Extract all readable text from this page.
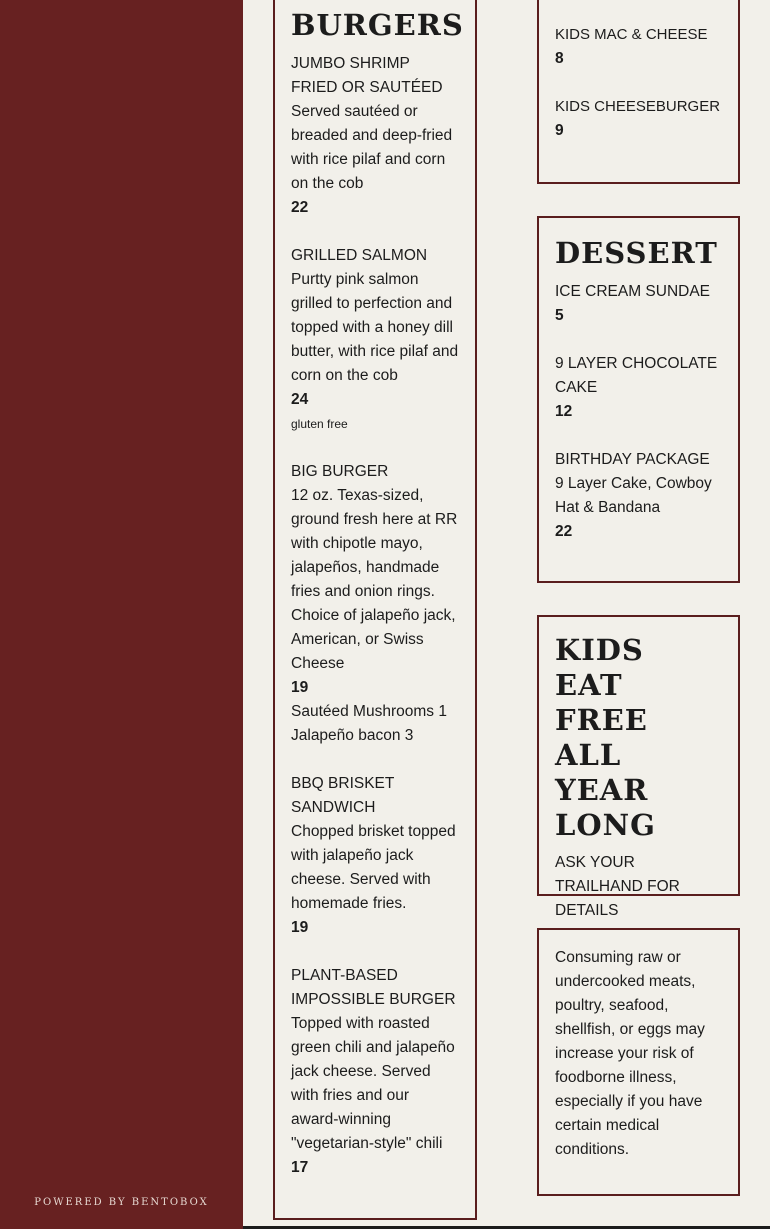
POWERED BY BENTOBOX
BURGERS
JUMBO SHRIMP FRIED OR SAUTÉED
Served sautéed or breaded and deep-fried with rice pilaf and corn on the cob
22
GRILLED SALMON
Purtty pink salmon grilled to perfection and topped with a honey dill butter, with rice pilaf and corn on the cob
24
gluten free
BIG BURGER
12 oz. Texas-sized, ground fresh here at RR with chipotle mayo, jalapeños, handmade fries and onion rings. Choice of jalapeño jack, American, or Swiss Cheese
19
Sautéed Mushrooms 1
Jalapeño bacon 3
BBQ BRISKET SANDWICH
Chopped brisket topped with jalapeño jack cheese. Served with homemade fries.
19
PLANT-BASED IMPOSSIBLE BURGER
Topped with roasted green chili and jalapeño jack cheese. Served with fries and our award-winning "vegetarian-style" chili
17
KIDS MAC & CHEESE
8
KIDS CHEESEBURGER
9
DESSERT
ICE CREAM SUNDAE
5
9 LAYER CHOCOLATE CAKE
12
BIRTHDAY PACKAGE
9 Layer Cake, Cowboy Hat & Bandana
22
KIDS EAT FREE ALL YEAR LONG
ASK YOUR TRAILHAND FOR DETAILS
Consuming raw or undercooked meats, poultry, seafood, shellfish, or eggs may increase your risk of foodborne illness, especially if you have certain medical conditions.
